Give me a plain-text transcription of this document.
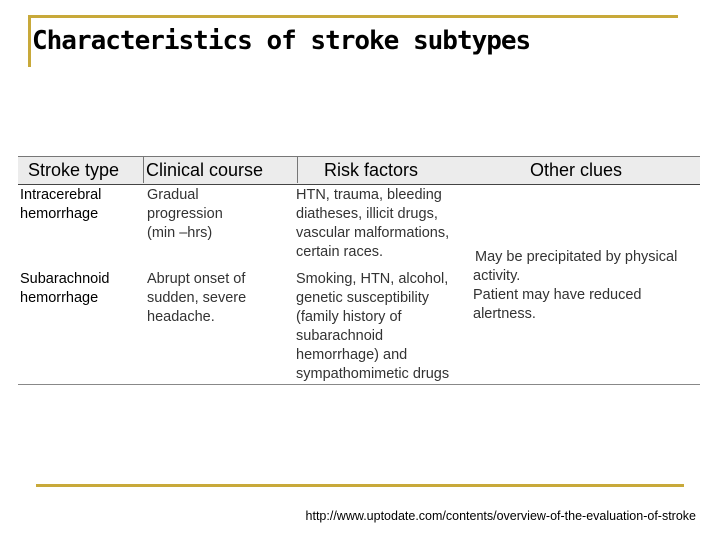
Characteristics of stroke subtypes
Stroke type Clinical course	Risk factors	Other clues
Intracerebral
hemorrhage
Gradual
progression
(min –hrs)
HTN, trauma, bleeding
diatheses, illicit drugs,
vascular malformations,
certain races.
Subarachnoid
hemorrhage
Abrupt onset of
sudden, severe
headache.
Smoking, HTN, alcohol,
genetic susceptibility
(family history of
subarachnoid
hemorrhage) and
sympathomimetic drugs
May be precipitated by physical
activity.
Patient may have reduced
alertness.
http://www.uptodate.com/contents/overview-of-the-evaluation-of-stroke
